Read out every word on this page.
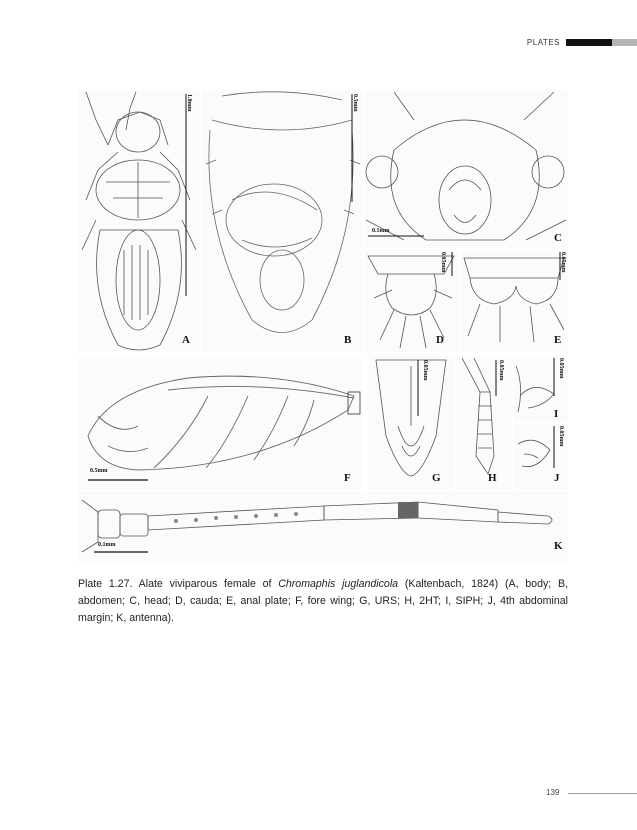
PLATES
1.0mm
A
0.5mm
B
0.1mm
C
0.05mm
D
0.05mm
E
0.5mm
F
0.05mm
G
0.05mm
H
0.05mm
I
0.05mm
J
0.1mm	K
Plate 1.27. Alate viviparous female of Chromaphis juglandicola (Kaltenbach, 1824) (A, body; B, abdomen; C, head; D, cauda; E, anal plate; F, fore wing; G, URS; H, 2HT; I, SIPH; J, 4th abdominal margin; K, antenna).
139
